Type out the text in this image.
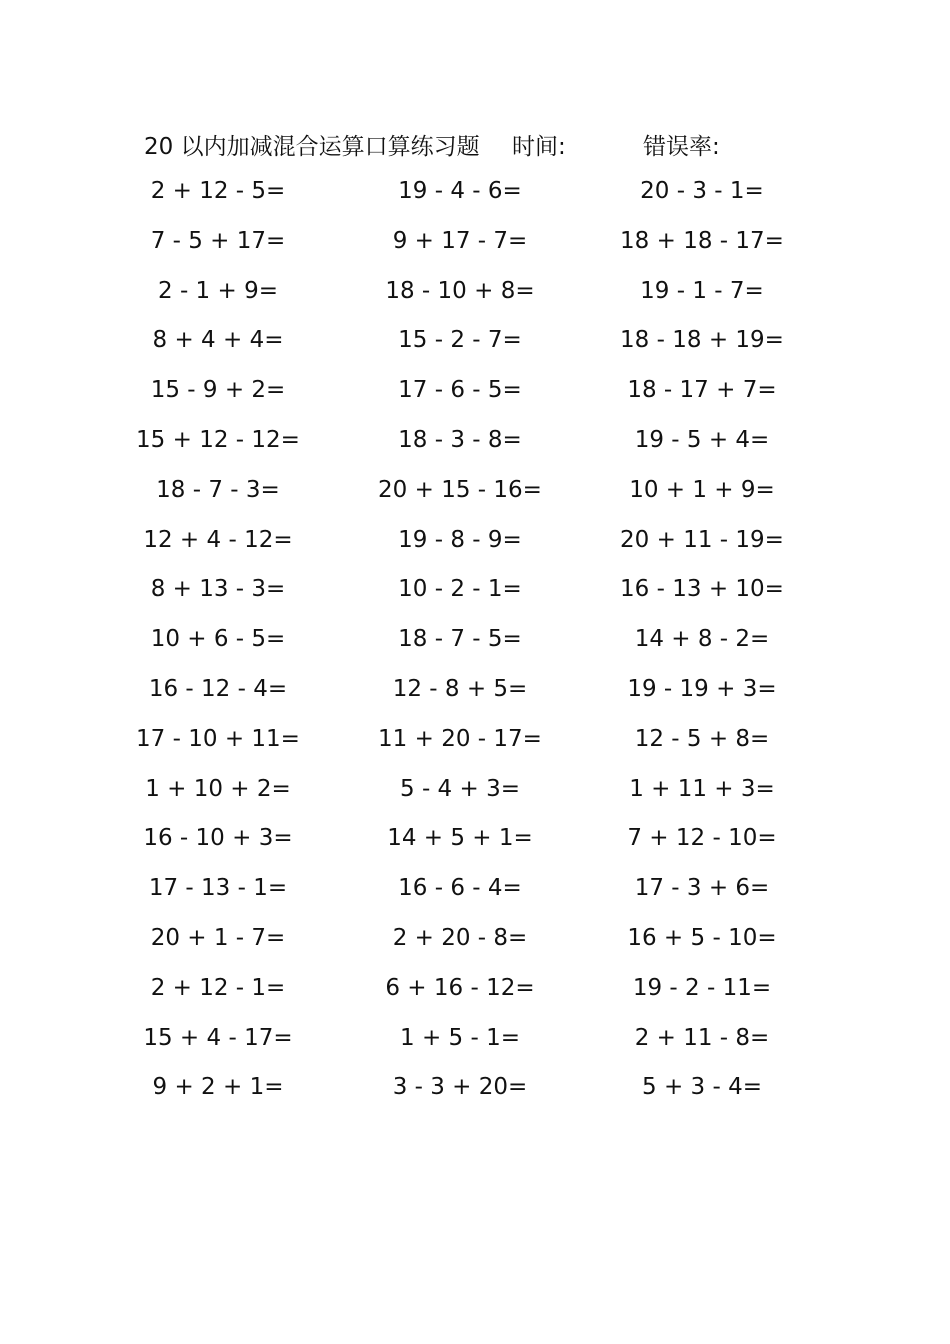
20 以内加减混合运算口算练习题 时间:	错误率:
2 + 12 - 5=	19 - 4 - 6=	20 - 3 - 1=
7 - 5 + 17=	9 + 17 - 7=	18 + 18 - 17=
2 - 1 + 9=	18 - 10 + 8=	19 - 1 - 7=
8 + 4 + 4=	15 - 2 - 7=	18 - 18 + 19=
15 - 9 + 2=	17 - 6 - 5=	18 - 17 + 7=
15 + 12 - 12=	18 - 3 - 8=	19 - 5 + 4=
18 - 7 - 3=	20 + 15 - 16=	10 + 1 + 9=
12 + 4 - 12=	19 - 8 - 9=	20 + 11 - 19=
8 + 13 - 3=	10 - 2 - 1=	16 - 13 + 10=
10 + 6 - 5=	18 - 7 - 5=	14 + 8 - 2=
16 - 12 - 4=	12 - 8 + 5=	19 - 19 + 3=
17 - 10 + 11=	11 + 20 - 17=	12 - 5 + 8=
1 + 10 + 2=	5 - 4 + 3=	1 + 11 + 3=
16 - 10 + 3=	14 + 5 + 1=	7 + 12 - 10=
17 - 13 - 1=	16 - 6 - 4=	17 - 3 + 6=
20 + 1 - 7=	2 + 20 - 8=	16 + 5 - 10=
2 + 12 - 1=	6 + 16 - 12=	19 - 2 - 11=
15 + 4 - 17=	1 + 5 - 1=	2 + 11 - 8=
9 + 2 + 1=	3 - 3 + 20=	5 + 3 - 4=
